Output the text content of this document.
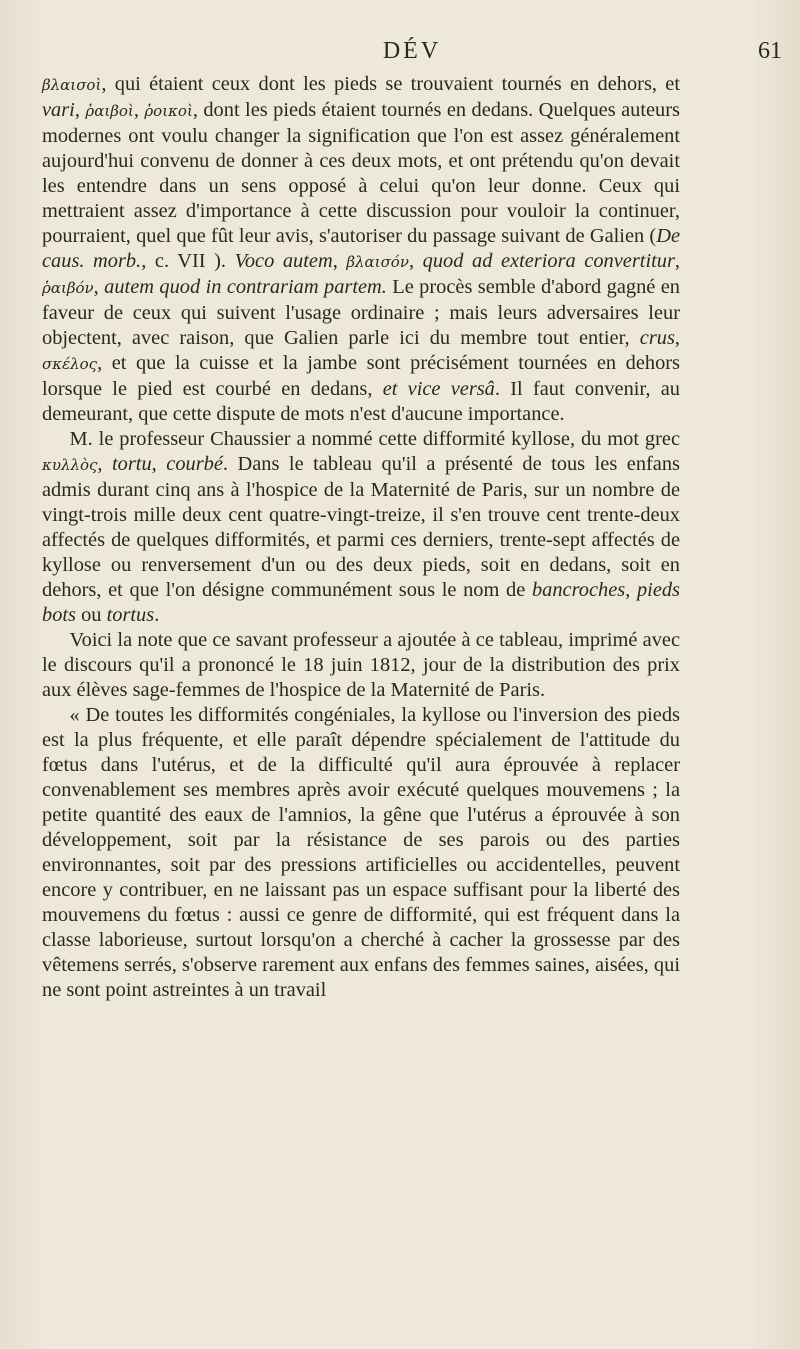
DÉV	61

βλαισοὶ, qui étaient ceux dont les pieds se trouvaient tournés en dehors, et vari, ῥαιβοὶ, ῥοικοὶ, dont les pieds étaient tournés en dedans. Quelques auteurs modernes ont voulu changer la signification que l'on est assez généralement aujourd'hui convenu de donner à ces deux mots, et ont prétendu qu'on devait les entendre dans un sens opposé à celui qu'on leur donne. Ceux qui mettraient assez d'importance à cette discussion pour vouloir la continuer, pourraient, quel que fût leur avis, s'autoriser du passage suivant de Galien (De caus. morb., c. VII ). Voco autem, βλαισόν, quod ad exteriora convertitur, ῥαιβόν, autem quod in contrariam partem. Le procès semble d'abord gagné en faveur de ceux qui suivent l'usage ordinaire ; mais leurs adversaires leur objectent, avec raison, que Galien parle ici du membre tout entier, crus, σκέλος, et que la cuisse et la jambe sont précisément tournées en dehors lorsque le pied est courbé en dedans, et vice versâ. Il faut convenir, au demeurant, que cette dispute de mots n'est d'aucune importance.

M. le professeur Chaussier a nommé cette difformité kyllose, du mot grec κυλλὸς, tortu, courbé. Dans le tableau qu'il a présenté de tous les enfans admis durant cinq ans à l'hospice de la Maternité de Paris, sur un nombre de vingt-trois mille deux cent quatre-vingt-treize, il s'en trouve cent trente-deux affectés de quelques difformités, et parmi ces derniers, trente-sept affectés de kyllose ou renversement d'un ou des deux pieds, soit en dedans, soit en dehors, et que l'on désigne communément sous le nom de bancroches, pieds bots ou tortus.

Voici la note que ce savant professeur a ajoutée à ce tableau, imprimé avec le discours qu'il a prononcé le 18 juin 1812, jour de la distribution des prix aux élèves sage-femmes de l'hospice de la Maternité de Paris.

« De toutes les difformités congéniales, la kyllose ou l'inversion des pieds est la plus fréquente, et elle paraît dépendre spécialement de l'attitude du fœtus dans l'utérus, et de la difficulté qu'il aura éprouvée à replacer convenablement ses membres après avoir exécuté quelques mouvemens ; la petite quantité des eaux de l'amnios, la gêne que l'utérus a éprouvée à son développement, soit par la résistance de ses parois ou des parties environnantes, soit par des pressions artificielles ou accidentelles, peuvent encore y contribuer, en ne laissant pas un espace suffisant pour la liberté des mouvemens du fœtus : aussi ce genre de difformité, qui est fréquent dans la classe laborieuse, surtout lorsqu'on a cherché à cacher la grossesse par des vêtemens serrés, s'observe rarement aux enfans des femmes saines, aisées, qui ne sont point astreintes à un travail
